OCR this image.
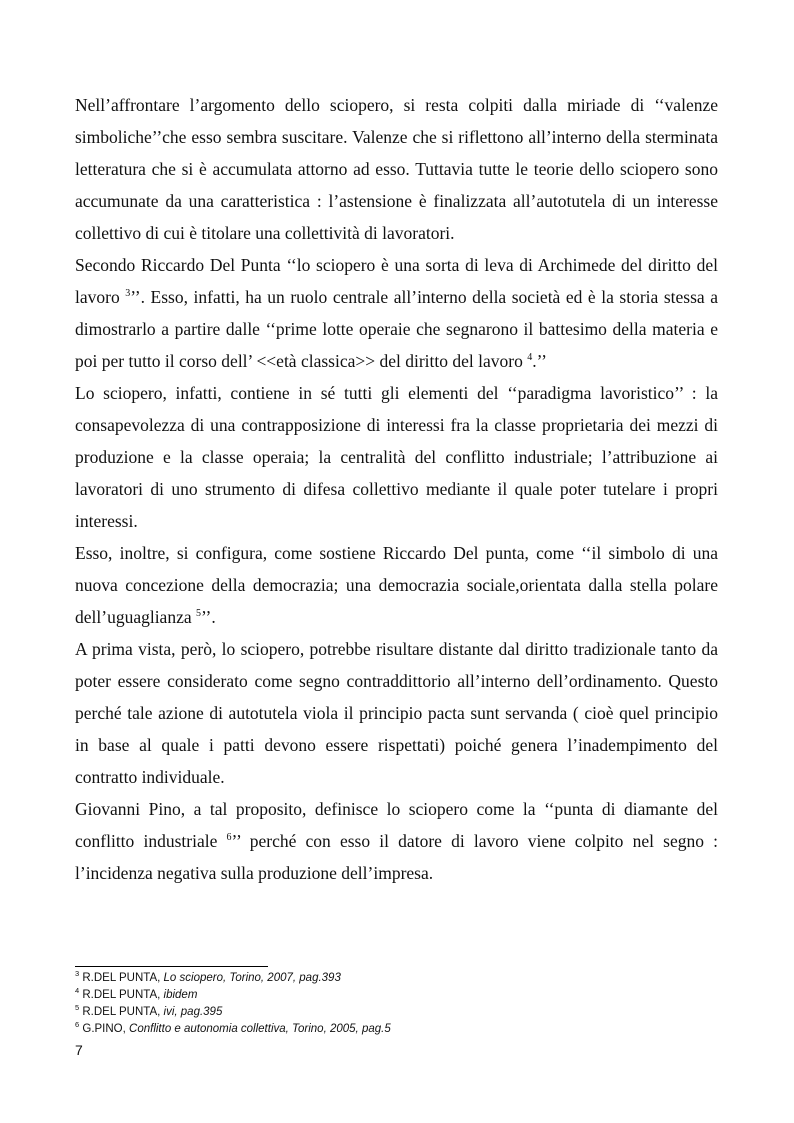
Nell’affrontare l’argomento dello sciopero, si resta colpiti dalla miriade di ‘‘valenze simboliche’’che esso sembra suscitare. Valenze che si riflettono all’interno della sterminata letteratura che si è accumulata attorno ad esso. Tuttavia tutte le teorie dello sciopero sono accumunate da una caratteristica : l’astensione è finalizzata all’autotutela di un interesse collettivo di cui è titolare una collettività di lavoratori.

Secondo Riccardo Del Punta ‘‘lo sciopero è una sorta di leva di Archimede del diritto del lavoro $^3$’’. Esso, infatti, ha un ruolo centrale all’interno della società ed è la storia stessa a dimostrarlo a partire dalle ‘‘prime lotte operaie che segnarono il battesimo della materia e poi per tutto il corso dell’ <<età classica>> del diritto del lavoro $^4$.’’

Lo sciopero, infatti, contiene in sé tutti gli elementi del ‘‘paradigma lavoristico’’ : la consapevolezza di una contrapposizione di interessi fra la classe proprietaria dei mezzi di produzione e la classe operaia; la centralità del conflitto industriale; l’attribuzione ai lavoratori di uno strumento di difesa collettivo mediante il quale poter tutelare i propri interessi.

Esso, inoltre, si configura, come sostiene Riccardo Del punta, come ‘‘il simbolo di una nuova concezione della democrazia; una democrazia sociale,orientata dalla stella polare dell’uguaglianza $^5$’’.

A prima vista, però, lo sciopero, potrebbe risultare distante dal diritto tradizionale tanto da poter essere considerato come segno contraddittorio all’interno dell’ordinamento. Questo perché tale azione di autotutela viola il principio pacta sunt servanda ( cioè quel principio in base al quale i patti devono essere rispettati) poiché genera l’inadempimento del contratto individuale.

Giovanni Pino, a tal proposito, definisce lo sciopero come la ‘‘punta di diamante del conflitto industriale $^6$’’ perché con esso il datore di lavoro viene colpito nel segno : l’incidenza negativa sulla produzione dell’impresa.

$^3$ R.DEL PUNTA, Lo sciopero, Torino, 2007, pag.393
$^4$ R.DEL PUNTA, ibidem
$^5$ R.DEL PUNTA, ivi, pag.395
$^6$ G.PINO, Conflitto e autonomia collettiva, Torino, 2005, pag.5
7
